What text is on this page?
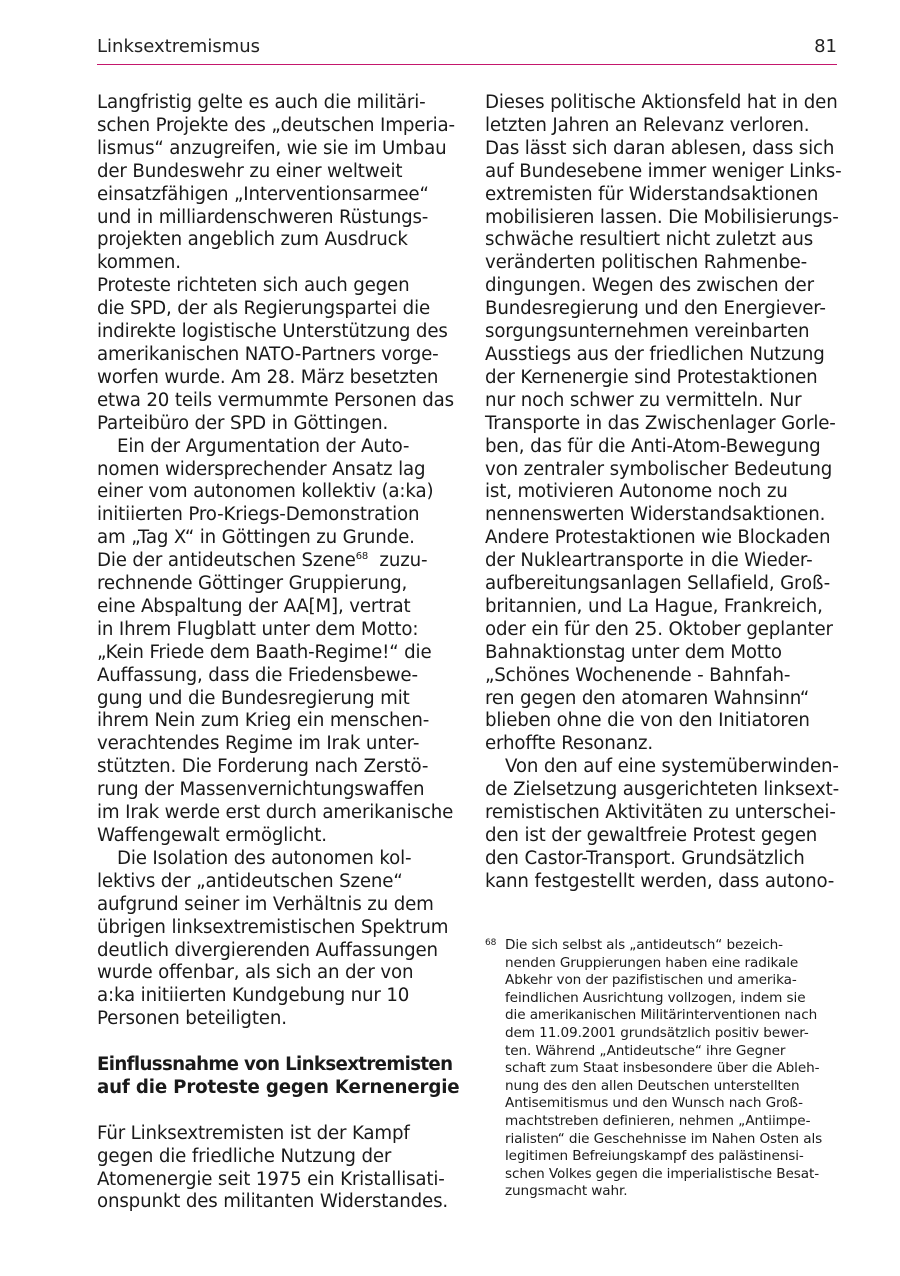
Linksextremismus	81
Langfristig gelte es auch die militäri-
schen Projekte des „deutschen Imperia-
lismus“ anzugreifen, wie sie im Umbau
der Bundeswehr zu einer weltweit
einsatzfähigen „Interventionsarmee“
und in milliardenschweren Rüstungs-
projekten angeblich zum Ausdruck
kommen.
Proteste richteten sich auch gegen
die SPD, der als Regierungspartei die
indirekte logistische Unterstützung des
amerikanischen NATO-Partners vorge-
worfen wurde. Am 28. März besetzten
etwa 20 teils vermummte Personen das
Parteibüro der SPD in Göttingen.
Ein der Argumentation der Auto-
nomen widersprechender Ansatz lag
einer vom autonomen kollektiv (a:ka)
initiierten Pro-Kriegs-Demonstration
am „Tag X“ in Göttingen zu Grunde.
Die der antideutschen Szene$^{68}$ zuzu-
rechnende Göttinger Gruppierung,
eine Abspaltung der AA[M], vertrat
in Ihrem Flugblatt unter dem Motto:
„Kein Friede dem Baath-Regime!“ die
Auffassung, dass die Friedensbewe-
gung und die Bundesregierung mit
ihrem Nein zum Krieg ein menschen-
verachtendes Regime im Irak unter-
stützten. Die Forderung nach Zerstö-
rung der Massenvernichtungswaffen
im Irak werde erst durch amerikanische
Waffengewalt ermöglicht.
Die Isolation des autonomen kol-
lektivs der „antideutschen Szene“
aufgrund seiner im Verhältnis zu dem
übrigen linksextremistischen Spektrum
deutlich divergierenden Auffassungen
wurde offenbar, als sich an der von
a:ka initiierten Kundgebung nur 10
Personen beteiligten.
Einflussnahme von Linksextremisten
auf die Proteste gegen Kernenergie
Für Linksextremisten ist der Kampf
gegen die friedliche Nutzung der
Atomenergie seit 1975 ein Kristallisati-
onspunkt des militanten Widerstandes.
Dieses politische Aktionsfeld hat in den
letzten Jahren an Relevanz verloren.
Das lässt sich daran ablesen, dass sich
auf Bundesebene immer weniger Links-
extremisten für Widerstandsaktionen
mobilisieren lassen. Die Mobilisierungs-
schwäche resultiert nicht zuletzt aus
veränderten politischen Rahmenbe-
dingungen. Wegen des zwischen der
Bundesregierung und den Energiever-
sorgungsunternehmen vereinbarten
Ausstiegs aus der friedlichen Nutzung
der Kernenergie sind Protestaktionen
nur noch schwer zu vermitteln. Nur
Transporte in das Zwischenlager Gorle-
ben, das für die Anti-Atom-Bewegung
von zentraler symbolischer Bedeutung
ist, motivieren Autonome noch zu
nennenswerten Widerstandsaktionen.
Andere Protestaktionen wie Blockaden
der Nukleartransporte in die Wieder-
aufbereitungsanlagen Sellafield, Groß-
britannien, und La Hague, Frankreich,
oder ein für den 25. Oktober geplanter
Bahnaktionstag unter dem Motto
„Schönes Wochenende - Bahnfah-
ren gegen den atomaren Wahnsinn“
blieben ohne die von den Initiatoren
erhoffte Resonanz.
Von den auf eine systemüberwinden-
de Zielsetzung ausgerichteten linksext-
remistischen Aktivitäten zu unterschei-
den ist der gewaltfreie Protest gegen
den Castor-Transport. Grundsätzlich
kann festgestellt werden, dass autono-
68 Die sich selbst als „antideutsch“ bezeich-
nenden Gruppierungen haben eine radikale
Abkehr von der pazifistischen und amerika-
feindlichen Ausrichtung vollzogen, indem sie
die amerikanischen Militärinterventionen nach
dem 11.09.2001 grundsätzlich positiv bewer-
ten. Während „Antideutsche“ ihre Gegner
schaft zum Staat insbesondere über die Ableh-
nung des den allen Deutschen unterstellten
Antisemitismus und den Wunsch nach Groß-
machtstreben definieren, nehmen „Antiimpe-
rialisten“ die Geschehnisse im Nahen Osten als
legitimen Befreiungskampf des palästinensi-
schen Volkes gegen die imperialistische Besat-
zungsmacht wahr.
